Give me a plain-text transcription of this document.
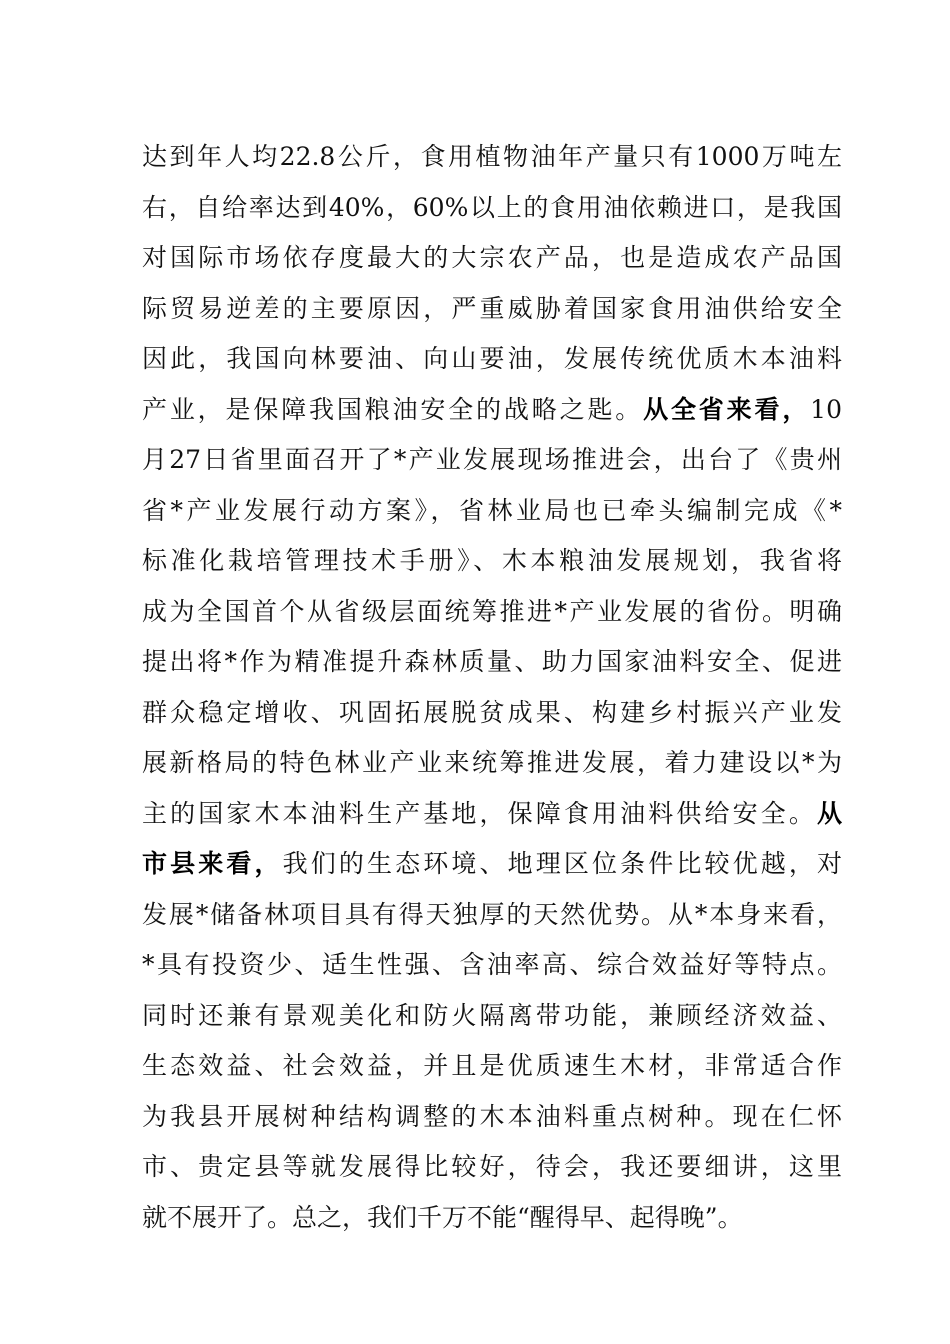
达到年人均22.8公斤，食用植物油年产量只有1000万吨左
右，自给率达到40%，60%以上的食用油依赖进口，是我国
对国际市场依存度最大的大宗农产品，也是造成农产品国
际贸易逆差的主要原因，严重威胁着国家食用油供给安全
因此，我国向林要油、向山要油，发展传统优质木本油料
产业，是保障我国粮油安全的战略之匙。从全省来看，10
月27日省里面召开了*产业发展现场推进会，出台了《贵州
省*产业发展行动方案》，省林业局也已牵头编制完成《*
标准化栽培管理技术手册》、木本粮油发展规划，我省将
成为全国首个从省级层面统筹推进*产业发展的省份。明确
提出将*作为精准提升森林质量、助力国家油料安全、促进
群众稳定增收、巩固拓展脱贫成果、构建乡村振兴产业发
展新格局的特色林业产业来统筹推进发展，着力建设以*为
主的国家木本油料生产基地，保障食用油料供给安全。从
市县来看，我们的生态环境、地理区位条件比较优越，对
发展*储备林项目具有得天独厚的天然优势。从*本身来看，
*具有投资少、适生性强、含油率高、综合效益好等特点。
同时还兼有景观美化和防火隔离带功能，兼顾经济效益、
生态效益、社会效益，并且是优质速生木材，非常适合作
为我县开展树种结构调整的木本油料重点树种。现在仁怀
市、贵定县等就发展得比较好，待会，我还要细讲，这里
就不展开了。总之，我们千万不能“醒得早、起得晚”。
